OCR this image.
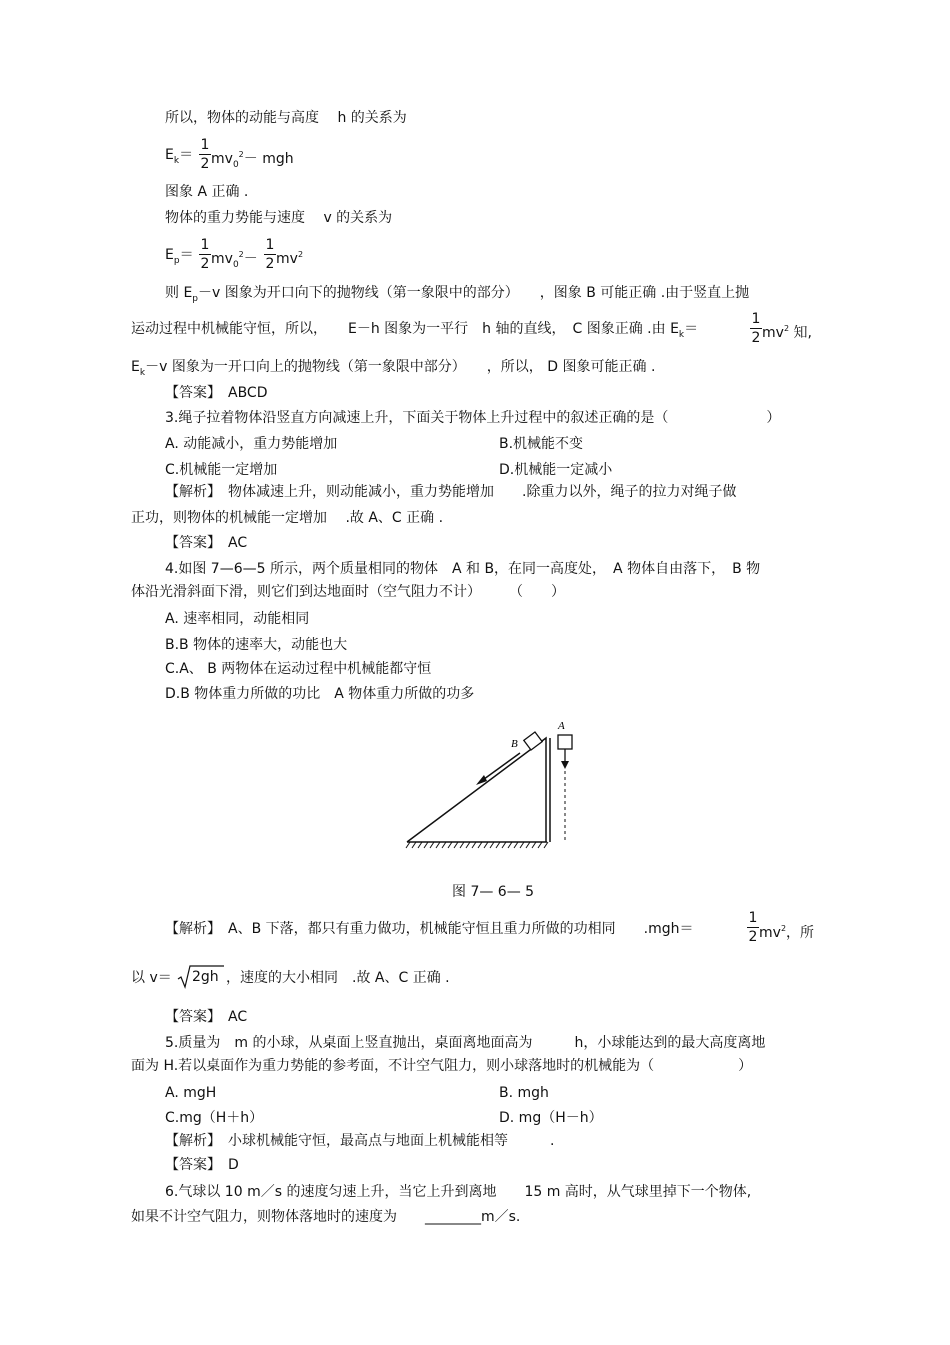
所以，物体的动能与高度　 h 的关系为
$E_k=$
1
2 $mv_0^2-$ mgh
图象 A 正确 .
物体的重力势能与速度　 v 的关系为
$E_p=$
1
2 $mv_0^2-$
1
2 $mv^2$
则 $E_p-v$ 图象为开口向下的抛物线（第一象限中的部分）　　，图象 B 可能正确 .由于竖直上抛
运动过程中机械能守恒，所以，　　E－h 图象为一平行　h 轴的直线，　C 图象正确 .由 $E_k=$
1
2 $mv^2$ 知,
$E_k-v$ 图象为一开口向上的抛物线（第一象限中部分）　　，所以， D 图象可能正确 .
【答案】　ABCD
3.绳子拉着物体沿竖直方向减速上升，下面关于物体上升过程中的叙述正确的是（　　　　　　　）
A. 动能减小，重力势能增加	B.机械能不变
C.机械能一定增加	D.机械能一定减小
【解析】　物体减速上升，则动能减小，重力势能增加　　.除重力以外，绳子的拉力对绳子做
正功，则物体的机械能一定增加　 .故 A、C 正确 .
【答案】　AC
4.如图 7—6—5 所示，两个质量相同的物体　A 和 B，在同一高度处，　A 物体自由落下，　B 物
体沿光滑斜面下滑，则它们到达地面时（空气阻力不计）　　　（　　）
A. 速率相同，动能相同
B.B 物体的速率大，动能也大
C.A、 B 两物体在运动过程中机械能都守恒
D.B 物体重力所做的功比　A 物体重力所做的功多
B
A
图 7— 6— 5
【解析】　A、B 下落，都只有重力做功，机械能守恒且重力所做的功相同　　.mgh＝
1
2 $mv^2$，所
以 v＝ 2gh ，速度的大小相同　.故 A、C 正确 .
【答案】　AC
5.质量为　m 的小球，从桌面上竖直抛出，桌面离地面高为　　　h，小球能达到的最大高度离地
面为 H.若以桌面作为重力势能的参考面，不计空气阻力，则小球落地时的机械能为（　　　　　　）
A. mgH	B. mgh
C.mg（H＋h）	D. mg（H－h）
【解析】　小球机械能守恒，最高点与地面上机械能相等　　　.
【答案】　D
6.气球以 10 m／s 的速度匀速上升，当它上升到离地　　15 m 高时，从气球里掉下一个物体,
如果不计空气阻力，则物体落地时的速度为　　________m／s.
